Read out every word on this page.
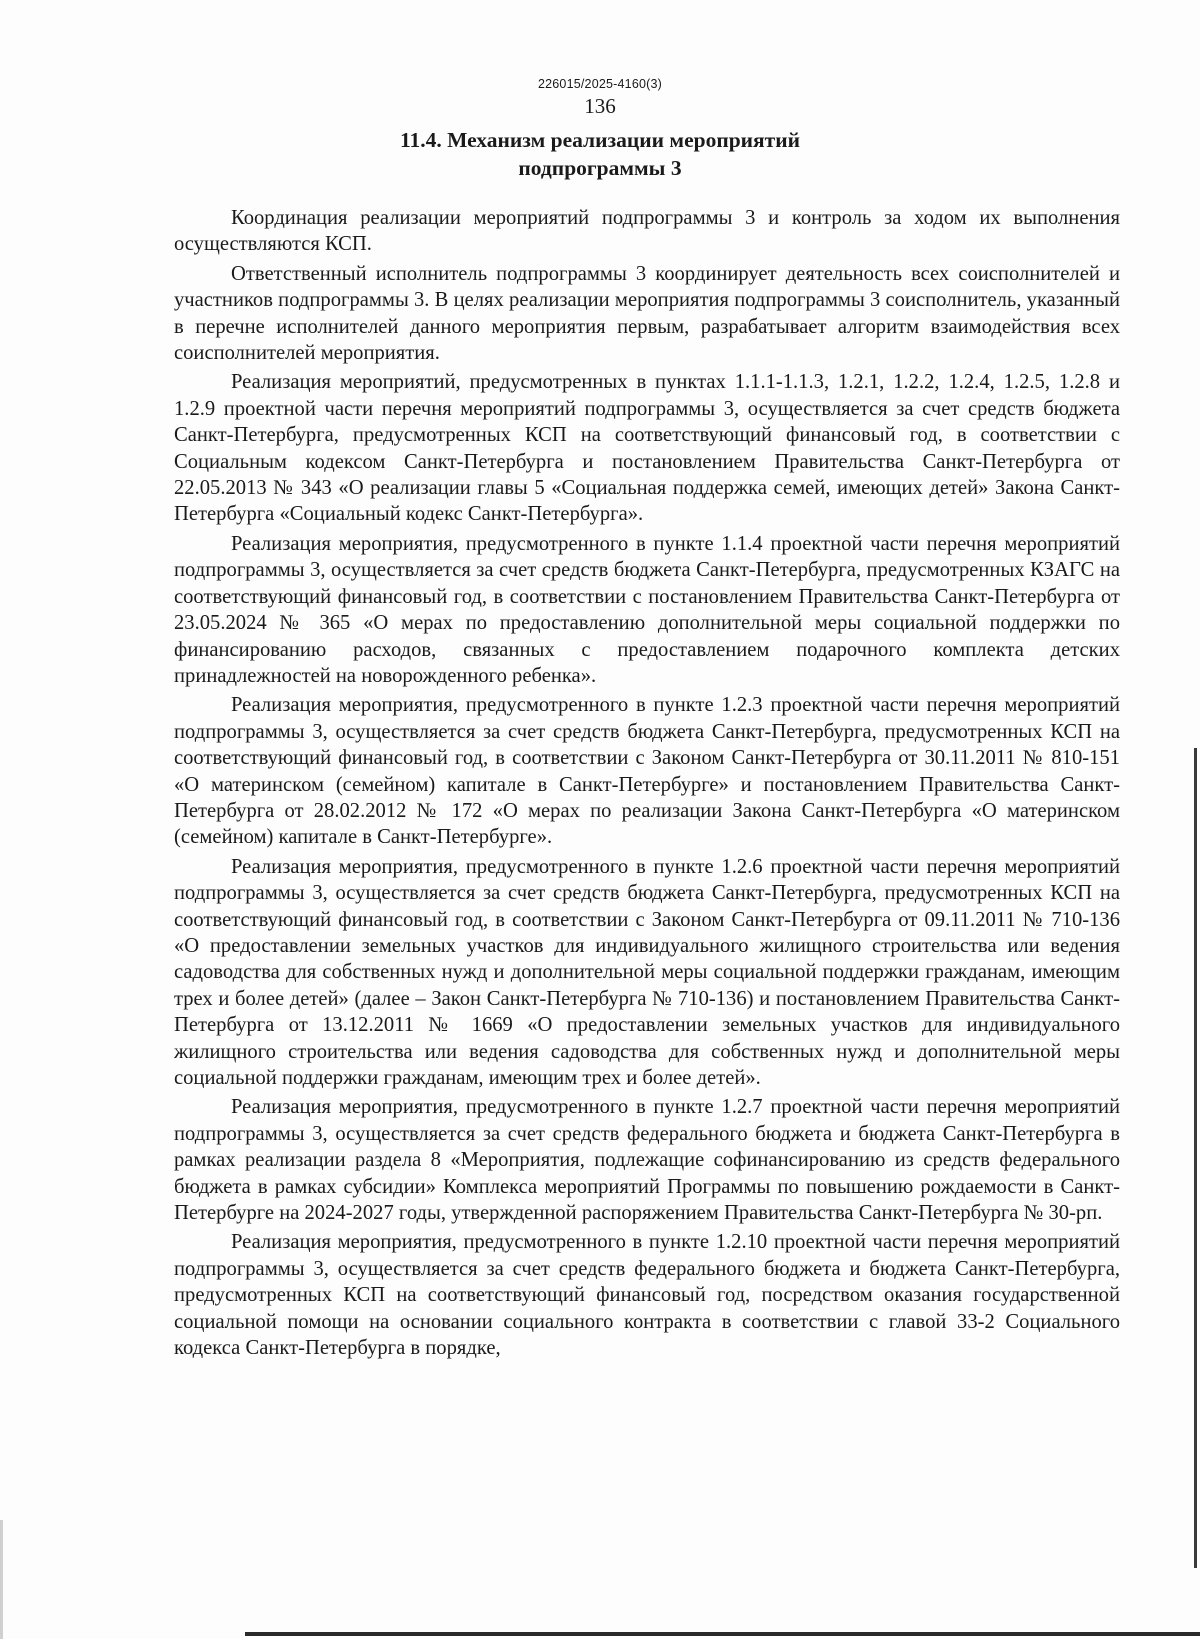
226015/2025-4160(3)
136
11.4. Механизм реализации мероприятий
подпрограммы 3

Координация реализации мероприятий подпрограммы 3 и контроль за ходом их выполнения осуществляются КСП.

Ответственный исполнитель подпрограммы 3 координирует деятельность всех соисполнителей и участников подпрограммы 3. В целях реализации мероприятия подпрограммы 3 соисполнитель, указанный в перечне исполнителей данного мероприятия первым, разрабатывает алгоритм взаимодействия всех соисполнителей мероприятия.

Реализация мероприятий, предусмотренных в пунктах 1.1.1-1.1.3, 1.2.1, 1.2.2, 1.2.4, 1.2.5, 1.2.8 и 1.2.9 проектной части перечня мероприятий подпрограммы 3, осуществляется за счет средств бюджета Санкт-Петербурга, предусмотренных КСП на соответствующий финансовый год, в соответствии с Социальным кодексом Санкт-Петербурга и постановлением Правительства Санкт-Петербурга от 22.05.2013 № 343 «О реализации главы 5 «Социальная поддержка семей, имеющих детей» Закона Санкт-Петербурга «Социальный кодекс Санкт-Петербурга».

Реализация мероприятия, предусмотренного в пункте 1.1.4 проектной части перечня мероприятий подпрограммы 3, осуществляется за счет средств бюджета Санкт-Петербурга, предусмотренных КЗАГС на соответствующий финансовый год, в соответствии с постановлением Правительства Санкт-Петербурга от 23.05.2024 № 365 «О мерах по предоставлению дополнительной меры социальной поддержки по финансированию расходов, связанных с предоставлением подарочного комплекта детских принадлежностей на новорожденного ребенка».

Реализация мероприятия, предусмотренного в пункте 1.2.3 проектной части перечня мероприятий подпрограммы 3, осуществляется за счет средств бюджета Санкт-Петербурга, предусмотренных КСП на соответствующий финансовый год, в соответствии с Законом Санкт-Петербурга от 30.11.2011 № 810-151 «О материнском (семейном) капитале в Санкт-Петербурге» и постановлением Правительства Санкт-Петербурга от 28.02.2012 № 172 «О мерах по реализации Закона Санкт-Петербурга «О материнском (семейном) капитале в Санкт-Петербурге».

Реализация мероприятия, предусмотренного в пункте 1.2.6 проектной части перечня мероприятий подпрограммы 3, осуществляется за счет средств бюджета Санкт-Петербурга, предусмотренных КСП на соответствующий финансовый год, в соответствии с Законом Санкт-Петербурга от 09.11.2011 № 710-136 «О предоставлении земельных участков для индивидуального жилищного строительства или ведения садоводства для собственных нужд и дополнительной меры социальной поддержки гражданам, имеющим трех и более детей» (далее – Закон Санкт-Петербурга № 710-136) и постановлением Правительства Санкт-Петербурга от 13.12.2011 № 1669 «О предоставлении земельных участков для индивидуального жилищного строительства или ведения садоводства для собственных нужд и дополнительной меры социальной поддержки гражданам, имеющим трех и более детей».

Реализация мероприятия, предусмотренного в пункте 1.2.7 проектной части перечня мероприятий подпрограммы 3, осуществляется за счет средств федерального бюджета и бюджета Санкт-Петербурга в рамках реализации раздела 8 «Мероприятия, подлежащие софинансированию из средств федерального бюджета в рамках субсидии» Комплекса мероприятий Программы по повышению рождаемости в Санкт-Петербурге на 2024-2027 годы, утвержденной распоряжением Правительства Санкт-Петербурга № 30-рп.

Реализация мероприятия, предусмотренного в пункте 1.2.10 проектной части перечня мероприятий подпрограммы 3, осуществляется за счет средств федерального бюджета и бюджета Санкт-Петербурга, предусмотренных КСП на соответствующий финансовый год, посредством оказания государственной социальной помощи на основании социального контракта в соответствии с главой 33-2 Социального кодекса Санкт-Петербурга в порядке,
